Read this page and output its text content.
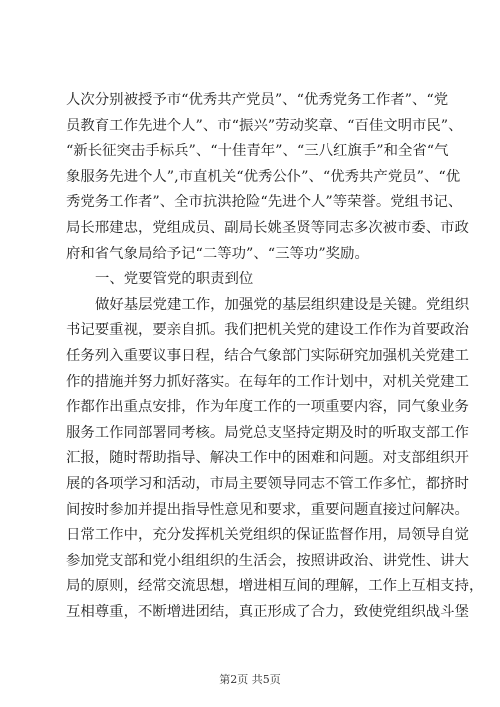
人次分别被授予市“优秀共产党员”、“优秀党务工作者”、“党
员教育工作先进个人”、市“振兴”劳动奖章、“百佳文明市民”、
“新长征突击手标兵”、“十佳青年”、“三八红旗手”和全省“气
象服务先进个人”,市直机关“优秀公仆”、“优秀共产党员”、“优
秀党务工作者”、全市抗洪抢险“先进个人”等荣誉。党组书记、
局长邢建忠，党组成员、副局长姚圣贤等同志多次被市委、市政
府和省气象局给予记“二等功”、“三等功”奖励。
一、党要管党的职责到位
做好基层党建工作，加强党的基层组织建设是关键。党组织
书记要重视，要亲自抓。我们把机关党的建设工作作为首要政治
任务列入重要议事日程，结合气象部门实际研究加强机关党建工
作的措施并努力抓好落实。在每年的工作计划中，对机关党建工
作都作出重点安排，作为年度工作的一项重要内容，同气象业务
服务工作同部署同考核。局党总支坚持定期及时的听取支部工作
汇报，随时帮助指导、解决工作中的困难和问题。对支部组织开
展的各项学习和活动，市局主要领导同志不管工作多忙，都挤时
间按时参加并提出指导性意见和要求，重要问题直接过问解决。
日常工作中，充分发挥机关党组织的保证监督作用，局领导自觉
参加党支部和党小组组织的生活会，按照讲政治、讲党性、讲大
局的原则，经常交流思想，增进相互间的理解，工作上互相支持，
互相尊重，不断增进团结，真正形成了合力，致使党组织战斗堡
第2页 共5页
